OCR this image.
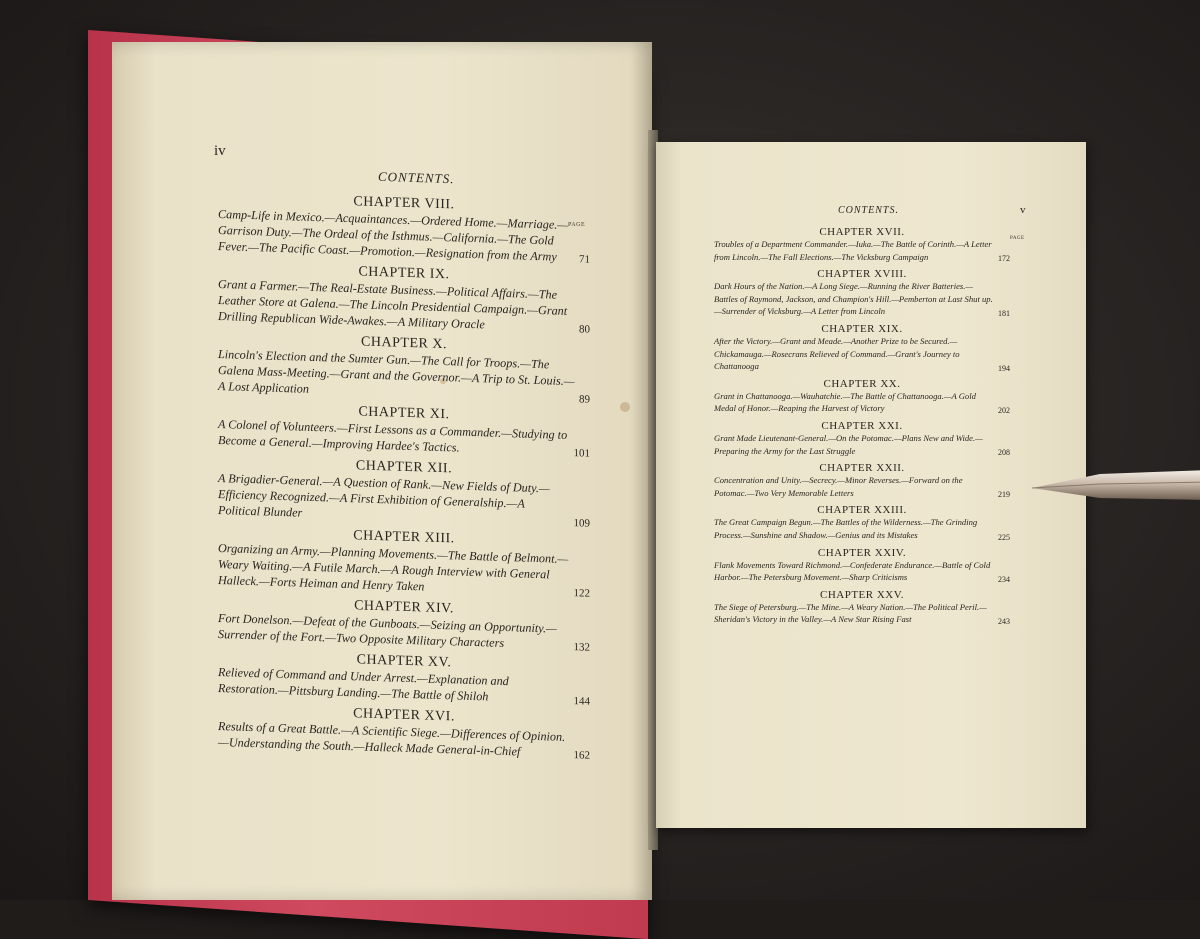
iv
CONTENTS.
PAGE
CONTENTS.	v
PAGE
CHAPTER VIII.
Camp-Life in Mexico.—Acquaintances.—Ordered Home.—Marriage.—Garrison Duty.—The Ordeal of the Isthmus.—California.—The Gold Fever.—The Pacific Coast.—Promotion.—Resignation from the Army	71
CHAPTER IX.
Grant a Farmer.—The Real-Estate Business.—Political Affairs.—The Leather Store at Galena.—The Lincoln Presidential Campaign.—Grant Drilling Republican Wide-Awakes.—A Military Oracle	80
CHAPTER X.
Lincoln's Election and the Sumter Gun.—The Call for Troops.—The Galena Mass-Meeting.—Grant and the Governor.—A Trip to St. Louis.—A Lost Application
89
CHAPTER XI.
A Colonel of Volunteers.—First Lessons as a Commander.—Studying to Become a General.—Improving Hardee's Tactics.	101
CHAPTER XII.
A Brigadier-General.—A Question of Rank.—New Fields of Duty.—Efficiency Recognized.—A First Exhibition of Generalship.—A Political Blunder
109
CHAPTER XIII.
Organizing an Army.—Planning Movements.—The Battle of Belmont.—Weary Waiting.—A Futile March.—A Rough Interview with General Halleck.—Forts Heiman and Henry Taken	122
CHAPTER XIV.
Fort Donelson.—Defeat of the Gunboats.—Seizing an Opportunity.—Surrender of the Fort.—Two Opposite Military Characters	132
CHAPTER XV.
Relieved of Command and Under Arrest.—Explanation and Restoration.—Pittsburg Landing.—The Battle of Shiloh	144
CHAPTER XVI.
Results of a Great Battle.—A Scientific Siege.—Differences of Opinion.—Understanding the South.—Halleck Made General-in-Chief	162
CHAPTER XVII.
Troubles of a Department Commander.—Iuka.—The Battle of Corinth.—A Letter from Lincoln.—The Fall Elections.—The Vicksburg Campaign	172
CHAPTER XVIII.
Dark Hours of the Nation.—A Long Siege.—Running the River Batteries.—Battles of Raymond, Jackson, and Champion's Hill.—Pemberton at Last Shut up.—Surrender of Vicksburg.—A Letter from Lincoln	181
CHAPTER XIX.
After the Victory.—Grant and Meade.—Another Prize to be Secured.—Chickamauga.—Rosecrans Relieved of Command.—Grant's Journey to Chattanooga	194
CHAPTER XX.
Grant in Chattanooga.—Wauhatchie.—The Battle of Chattanooga.—A Gold Medal of Honor.—Reaping the Harvest of Victory	202
CHAPTER XXI.
Grant Made Lieutenant-General.—On the Potomac.—Plans New and Wide.—Preparing the Army for the Last Struggle	208
CHAPTER XXII.
Concentration and Unity.—Secrecy.—Minor Reverses.—Forward on the Potomac.—Two Very Memorable Letters	219
CHAPTER XXIII.
The Great Campaign Begun.—The Battles of the Wilderness.—The Grinding Process.—Sunshine and Shadow.—Genius and its Mistakes	225
CHAPTER XXIV.
Flank Movements Toward Richmond.—Confederate Endurance.—Battle of Cold Harbor.—The Petersburg Movement.—Sharp Criticisms	234
CHAPTER XXV.
The Siege of Petersburg.—The Mine.—A Weary Nation.—The Political Peril.—Sheridan's Victory in the Valley.—A New Star Rising Fast	243
